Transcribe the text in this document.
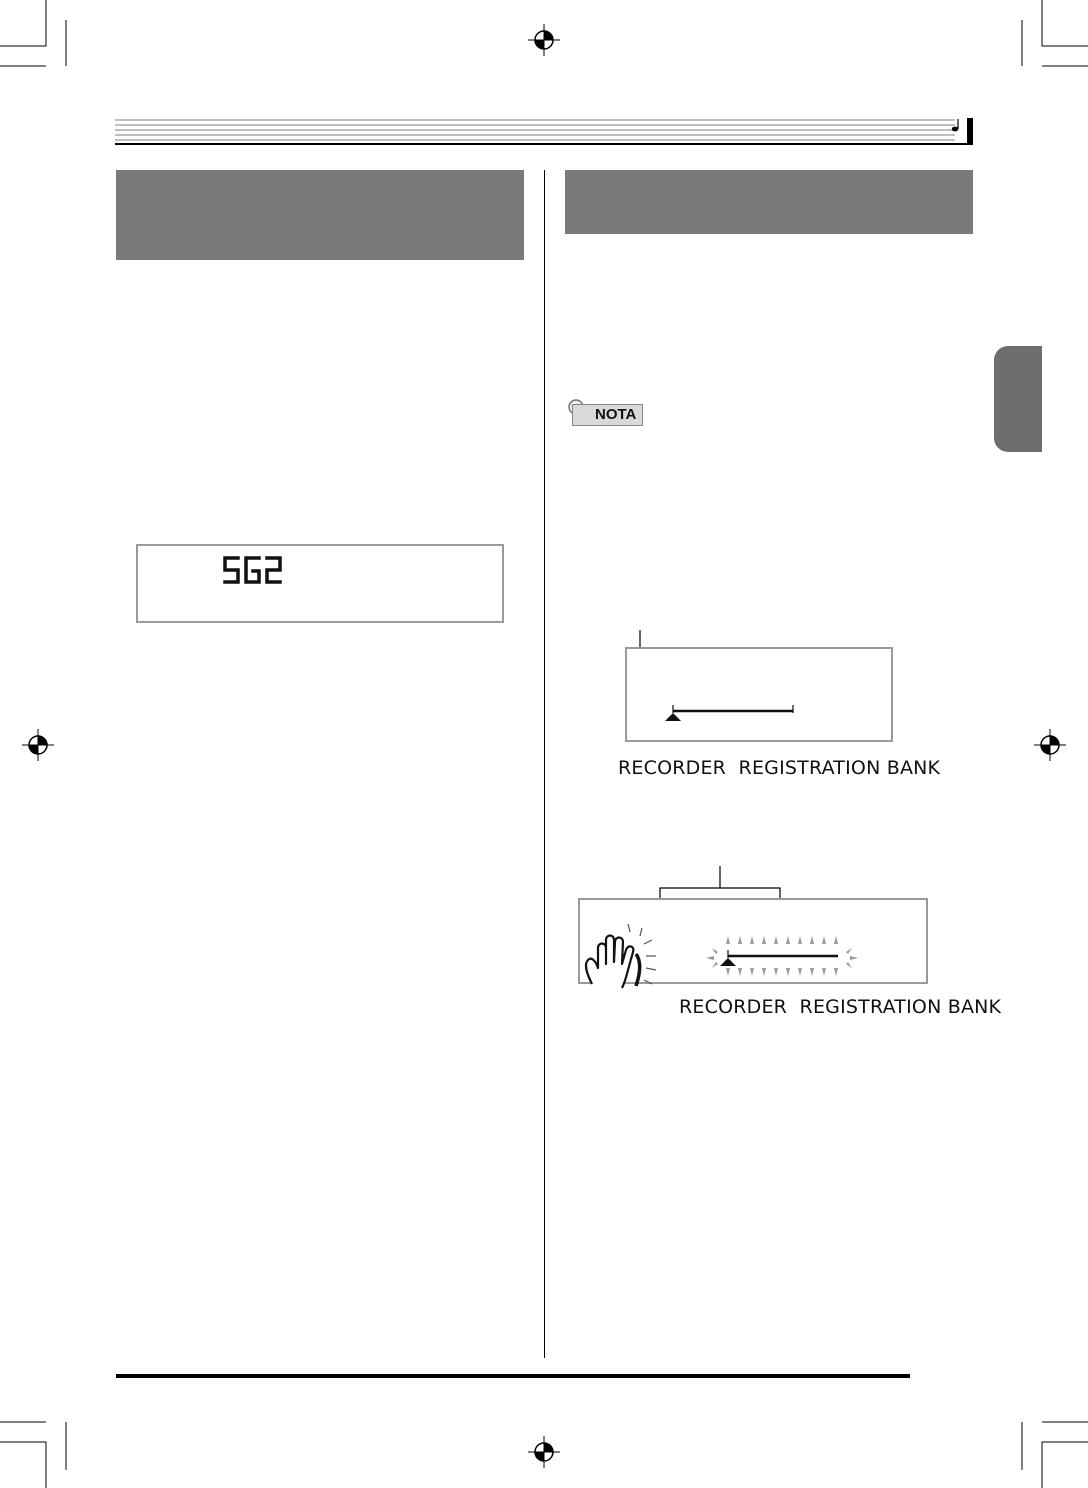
NOTA
RECORDER  REGISTRATION BANK
RECORDER  REGISTRATION BANK
